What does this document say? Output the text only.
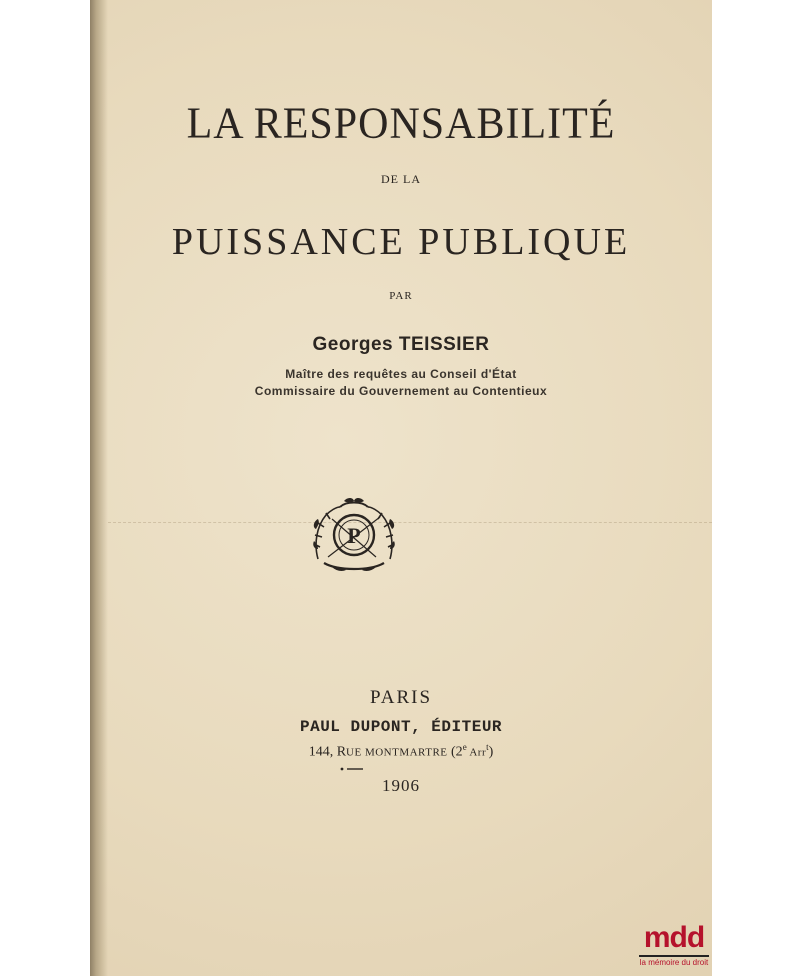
LA RESPONSABILITÉ
DE LA
PUISSANCE PUBLIQUE
PAR
Georges TEISSIER
Maître des requêtes au Conseil d'État
Commissaire du Gouvernement au Contentieux
P
PARIS
PAUL DUPONT, ÉDITEUR
144, RUE MONTMARTRE (2e Arr$^t$)
1906
mdd
la mémoire du droit
